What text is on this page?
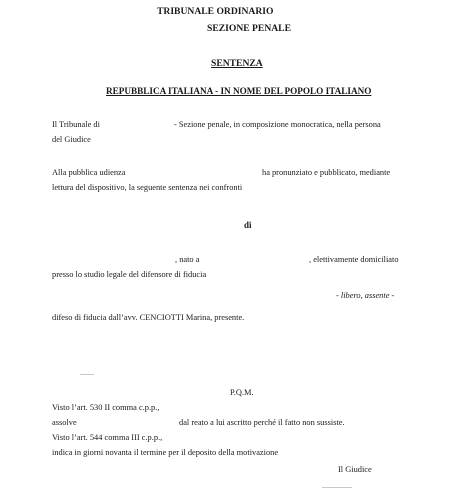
TRIBUNALE ORDINARIO
SEZIONE PENALE
SENTENZA
REPUBBLICA ITALIANA - IN NOME DEL POPOLO ITALIANO
Il Tribunale di	- Sezione penale, in composizione monocratica, nella persona
del Giudice
Alla pubblica udienza	ha pronunziato e pubblicato, mediante
lettura del dispositivo, la seguente sentenza nei confronti
di
, nato a	, elettivamente domiciliato
presso lo studio legale del difensore di fiducia
- libero, assente -
difeso di fiducia dall’avv. CENCIOTTI Marina, presente.
P.Q.M.
Visto l’art. 530 II comma c.p.p.,
assolve	dal reato a lui ascritto perché il fatto non sussiste.
Visto l’art. 544 comma III c.p.p.,
indica in giorni novanta il termine per il deposito della motivazione
Il Giudice
